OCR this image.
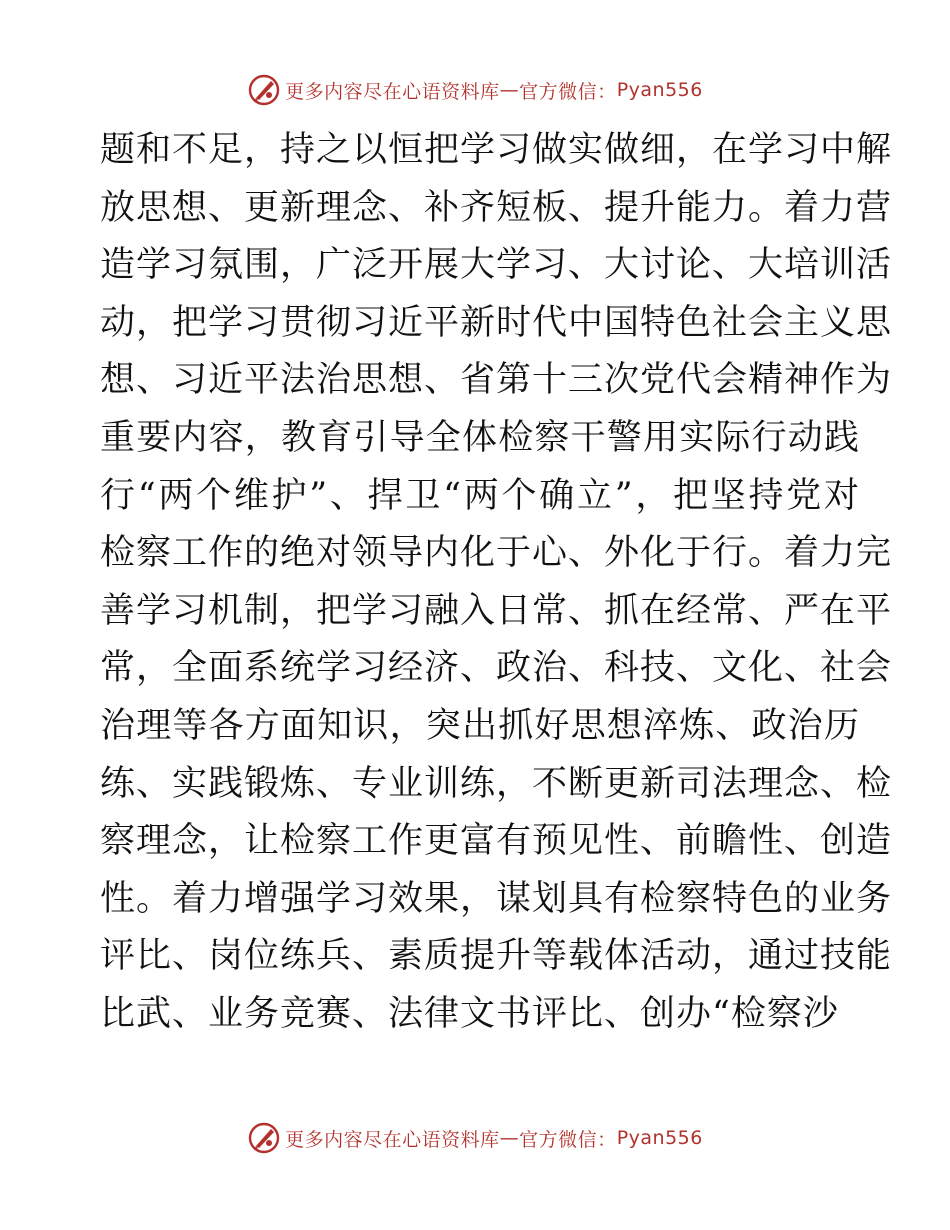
更多内容尽在心语资料库 — 官方微信： Pyan556
题和不足，持之以恒把学习做实做细，在学习中解
放思想、更新理念、补齐短板、提升能力。着力营
造学习氛围，广泛开展大学习、大讨论、大培训活
动，把学习贯彻习近平新时代中国特色社会主义思
想、习近平法治思想、省第十三次党代会精神作为
重要内容，教育引导全体检察干警用实际行动践
行“两个维护”、捍卫“两个确立”，把坚持党对
检察工作的绝对领导内化于心、外化于行。着力完
善学习机制，把学习融入日常、抓在经常、严在平
常，全面系统学习经济、政治、科技、文化、社会
治理等各方面知识，突出抓好思想淬炼、政治历
练、实践锻炼、专业训练，不断更新司法理念、检
察理念，让检察工作更富有预见性、前瞻性、创造
性。着力增强学习效果，谋划具有检察特色的业务
评比、岗位练兵、素质提升等载体活动，通过技能
比武、业务竞赛、法律文书评比、创办“检察沙
更多内容尽在心语资料库 — 官方微信： Pyan556
